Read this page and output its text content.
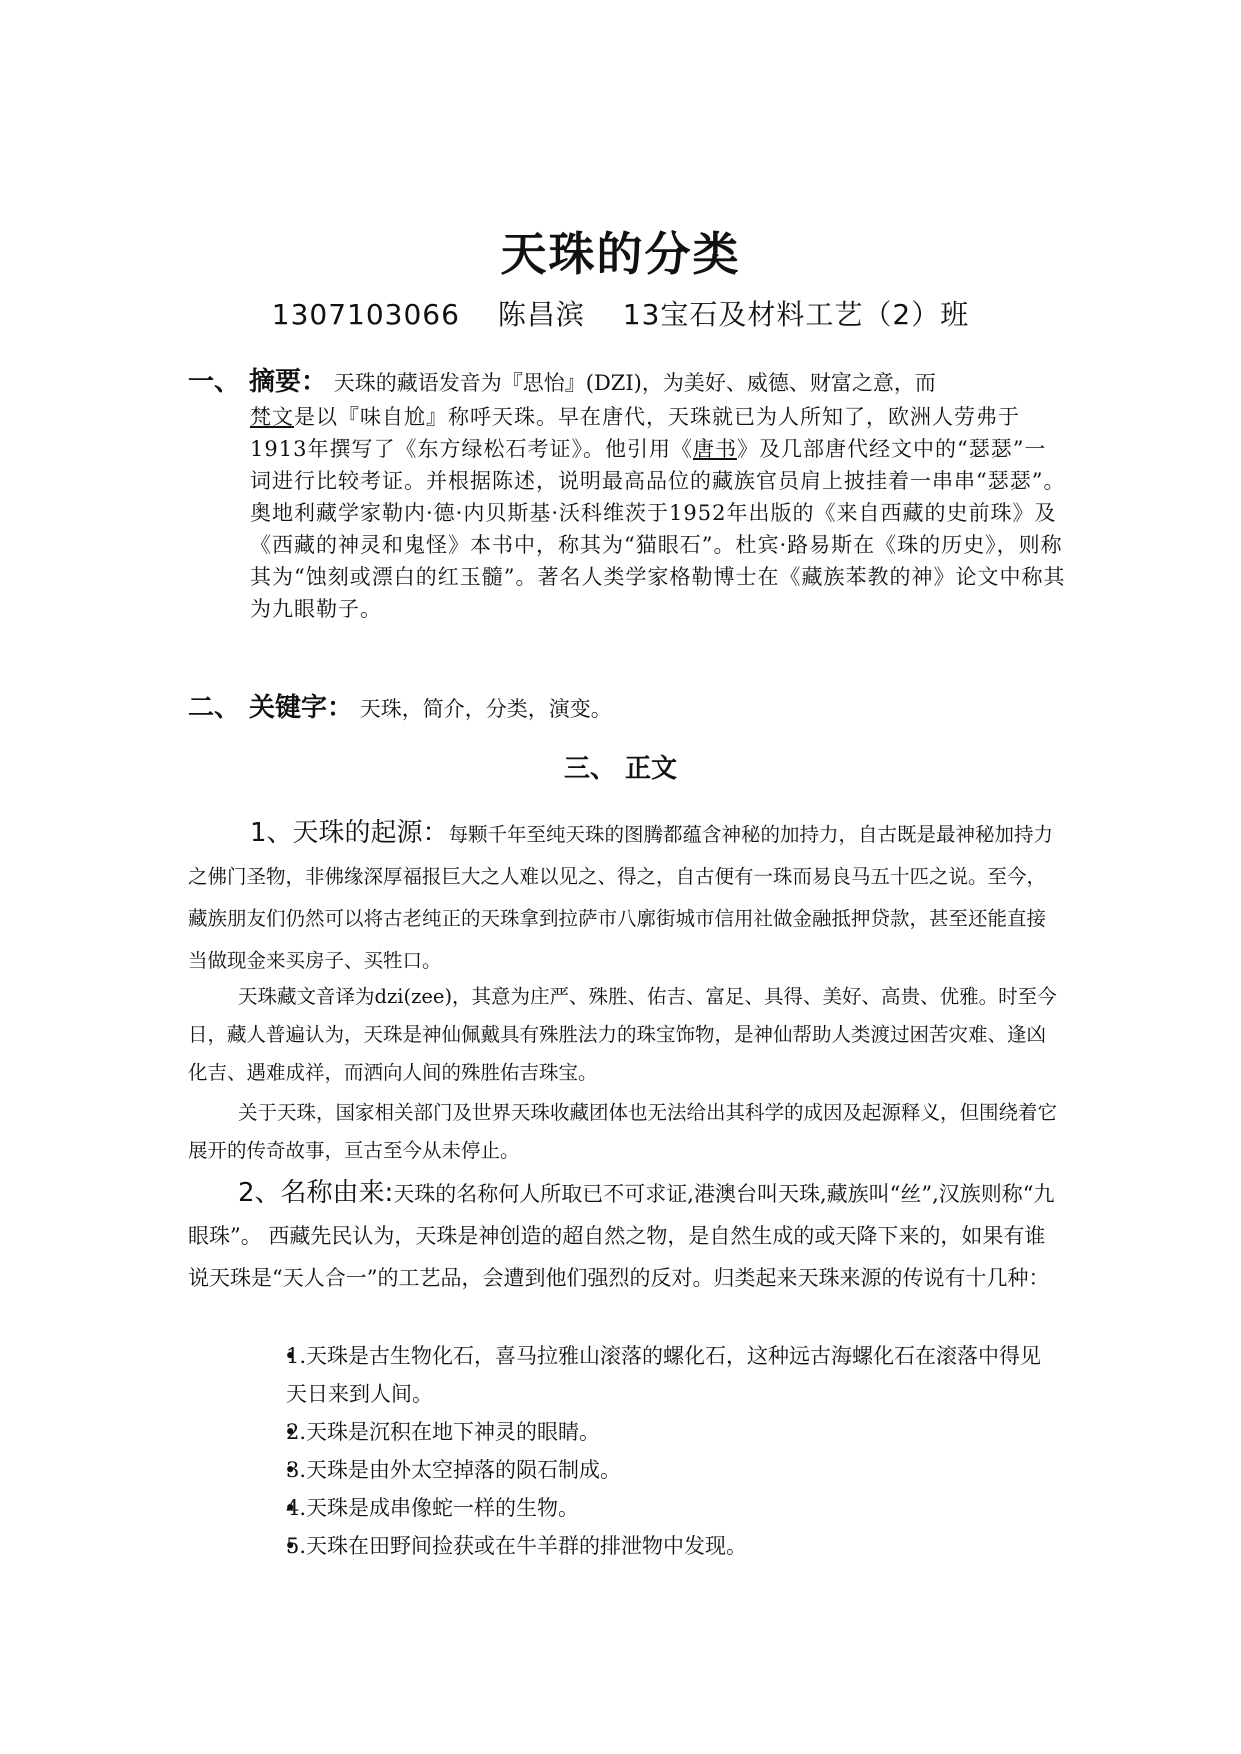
天珠的分类
1307103066 陈昌滨 13宝石及材料工艺（2）班
一、 摘要： 天珠的藏语发音为『思怡』(DZI)，为美好、威德、财富之意，而
梵文是以『味自尬』称呼天珠。早在唐代，天珠就已为人所知了，欧洲人劳弗于1913年撰写了《东方绿松石考证》。他引用《唐书》及几部唐代经文中的“瑟瑟”一词进行比较考证。并根据陈述，说明最高品位的藏族官员肩上披挂着一串串“瑟瑟”。奥地利藏学家勒内·德·内贝斯基·沃科维茨于1952年出版的《来自西藏的史前珠》及《西藏的神灵和鬼怪》本书中，称其为“猫眼石”。杜宾·路易斯在《珠的历史》，则称其为“蚀刻或漂白的红玉髓”。著名人类学家格勒博士在《藏族苯教的神》论文中称其为九眼勒子。
二、 关键字： 天珠，简介，分类，演变。
三、 正文
1、天珠的起源：每颗千年至纯天珠的图腾都蕴含神秘的加持力，自古既是最神秘加持力之佛门圣物，非佛缘深厚福报巨大之人难以见之、得之，自古便有一珠而易良马五十匹之说。至今，藏族朋友们仍然可以将古老纯正的天珠拿到拉萨市八廓街城市信用社做金融抵押贷款，甚至还能直接当做现金来买房子、买牲口。
天珠藏文音译为dzi(zee)，其意为庄严、殊胜、佑吉、富足、具得、美好、高贵、优雅。时至今日，藏人普遍认为，天珠是神仙佩戴具有殊胜法力的珠宝饰物，是神仙帮助人类渡过困苦灾难、逢凶化吉、遇难成祥，而洒向人间的殊胜佑吉珠宝。
关于天珠，国家相关部门及世界天珠收藏团体也无法给出其科学的成因及起源释义，但围绕着它展开的传奇故事，亘古至今从未停止。
2、名称由来:天珠的名称何人所取已不可求证,港澳台叫天珠,藏族叫“丝”,汉族则称“九眼珠”。 西藏先民认为，天珠是神创造的超自然之物，是自然生成的或天降下来的，如果有谁说天珠是“天人合一”的工艺品，会遭到他们强烈的反对。归类起来天珠来源的传说有十几种：
• 1.天珠是古生物化石，喜马拉雅山滚落的螺化石，这种远古海螺化石在滚落中得见天日来到人间。
• 2.天珠是沉积在地下神灵的眼睛。
• 3.天珠是由外太空掉落的陨石制成。
• 4.天珠是成串像蛇一样的生物。
• 5.天珠在田野间捡获或在牛羊群的排泄物中发现。
